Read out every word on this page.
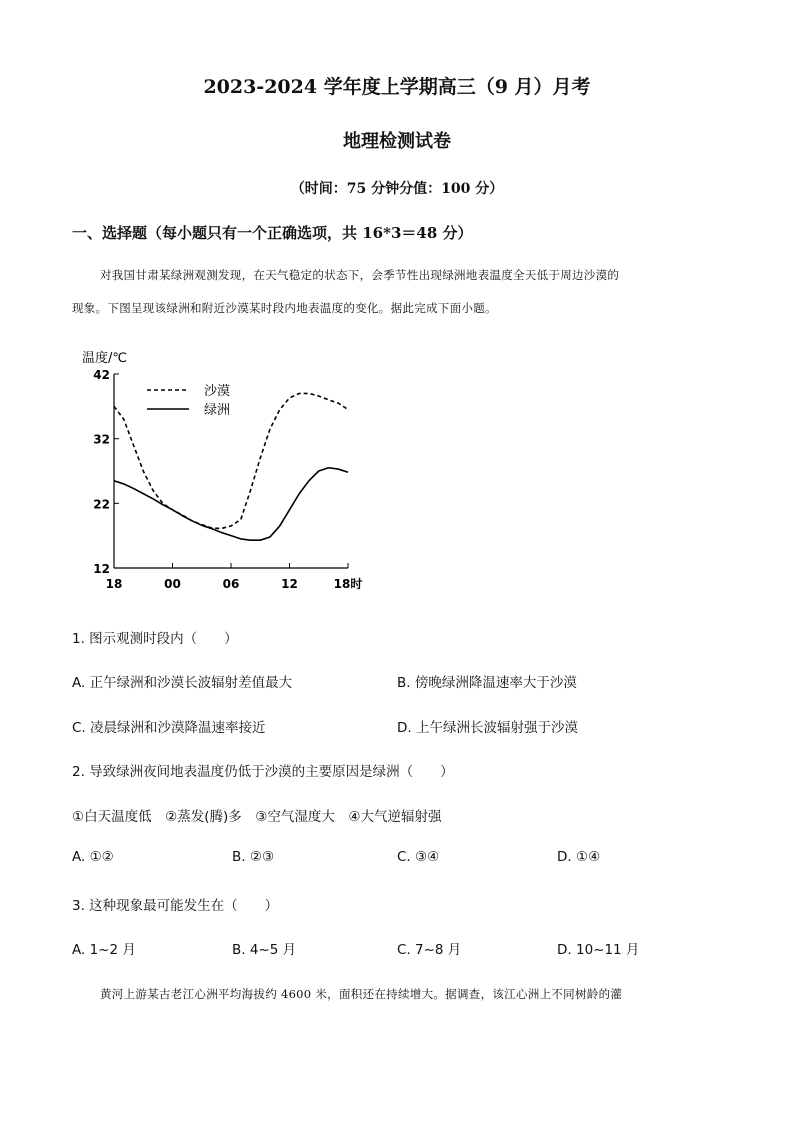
2023-2024 学年度上学期高三（9 月）月考
地理检测试卷
（时间：75 分钟分值：100 分）
一、选择题（每小题只有一个正确选项，共 16*3＝48 分）
对我国甘肃某绿洲观测发现，在天气稳定的状态下，会季节性出现绿洲地表温度全天低于周边沙漠的
现象。下图呈现该绿洲和附近沙漠某时段内地表温度的变化。据此完成下面小题。
温度/℃
42
32
22
12
18	00	06	12	18时
沙漠
绿洲
1. 图示观测时段内（　　）
A. 正午绿洲和沙漠长波辐射差值最大	B. 傍晚绿洲降温速率大于沙漠
C. 凌晨绿洲和沙漠降温速率接近	D. 上午绿洲长波辐射强于沙漠
2. 导致绿洲夜间地表温度仍低于沙漠的主要原因是绿洲（　　）
①白天温度低　②蒸发(腾)多　③空气湿度大　④大气逆辐射强
A. ①②	B. ②③	C. ③④	D. ①④
3. 这种现象最可能发生在（　　）
A. 1~2 月	B. 4~5 月	C. 7~8 月	D. 10~11 月
黄河上游某古老江心洲平均海拔约 4600 米，面积还在持续增大。据调查，该江心洲上不同树龄的灌
